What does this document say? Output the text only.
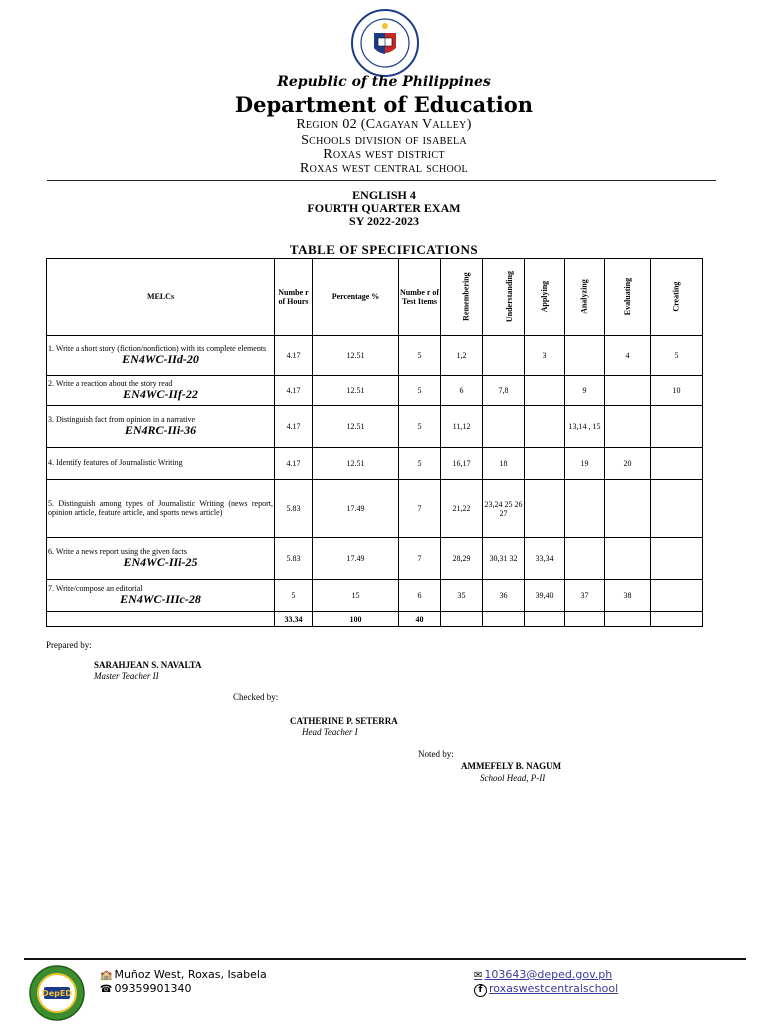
Republic of the Philippines
Department of Education
Region 02 (Cagayan Valley)
Schools division of isabela
Roxas west district
Roxas west central school
ENGLISH 4
FOURTH QUARTER EXAM
SY 2022-2023
TABLE OF SPECIFICATIONS
MELCs	Numbe r of Hours	Percentage %	Numbe r of Test Items	Remembering	Understanding	Applying	Analyzing	Evaluating	Creating

1. Write a short story (fiction/nonfiction) with its complete elements
EN4WC-IId-20	4.17	12.51	5	1,2		3		4	5

2. Write a reaction about the story read
EN4WC-IIf-22	4.17	12.51	5	6	7,8		9		10

3. Distinguish fact from opinion in a narrative
EN4RC-IIi-36	4.17	12.51	5	11,12			13,14 , 15		

4. Identify features of Journalistic Writing	4.17	12.51	5	16,17	18		19	20	

5. Distinguish among types of Journalistic Writing (news report, opinion article, feature article, and sports news article)	5.83	17.49	7	21,22	23,24 25 26 27				

6. Write a news report using the given facts
EN4WC-IIi-25	5.83	17.49	7	28,29	30,31 32	33,34			

7. Write/compose an editorial
EN4WC-IIIc-28	5	15	6	35	36	39,40	37	38	
	33.34	100	40						
Prepared by:
SARAHJEAN S. NAVALTA
Master Teacher II
Checked by:
CATHERINE P. SETERRA
Head Teacher I
Noted by:
AMMEFELY B. NAGUM
School Head, P-II
DepED
🏫 Muñoz West, Roxas, Isabela
☎ 09359901340
✉ 103643@deped.gov.ph
f roxaswestcentralschool
